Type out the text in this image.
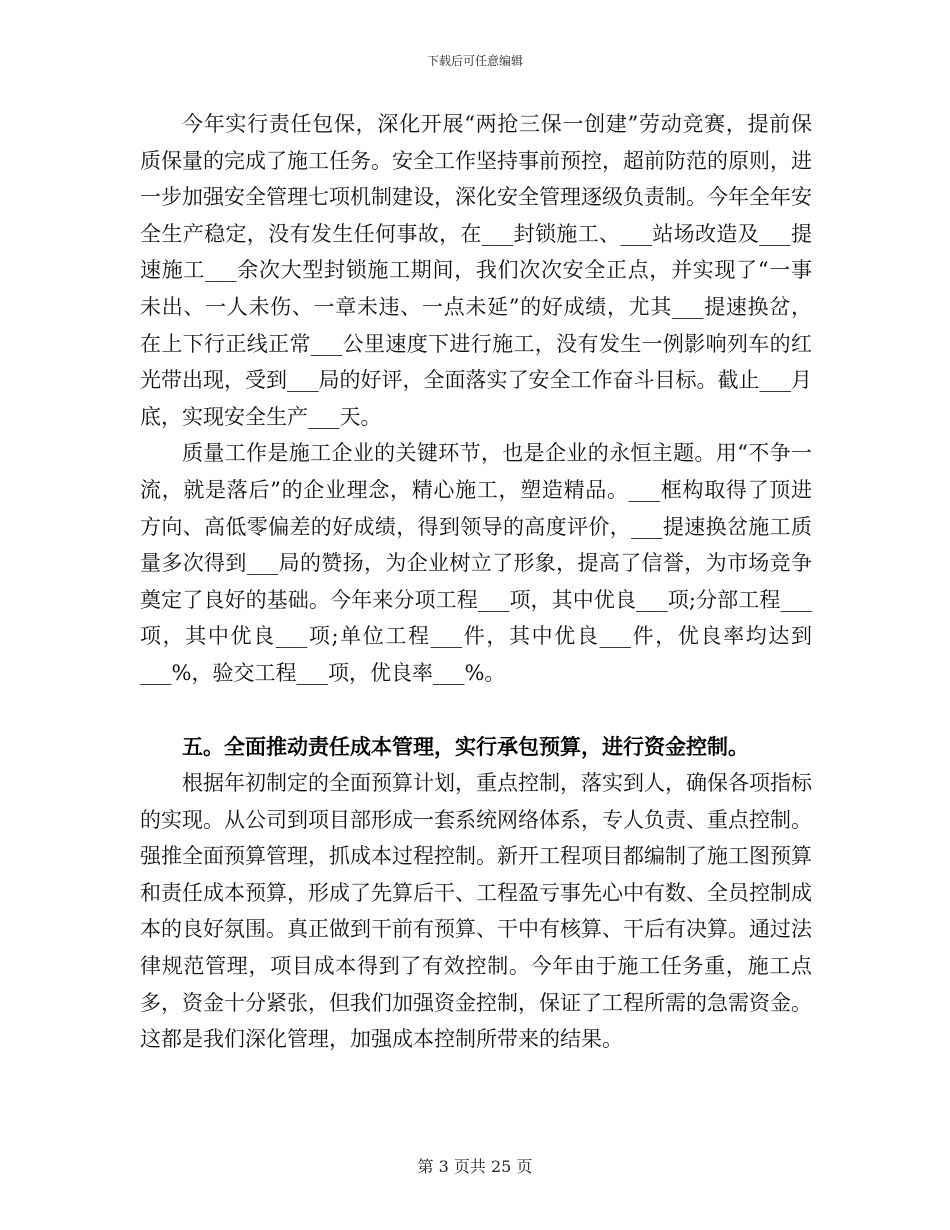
下载后可任意编辑

今年实行责任包保，深化开展“两抢三保一创建”劳动竞赛，提前保质保量的完成了施工任务。安全工作坚持事前预控，超前防范的原则，进一步加强安全管理七项机制建设，深化安全管理逐级负责制。今年全年安全生产稳定，没有发生任何事故，在___封锁施工、___站场改造及___提速施工___余次大型封锁施工期间，我们次次安全正点，并实现了“一事未出、一人未伤、一章未违、一点未延”的好成绩，尤其___提速换岔，在上下行正线正常___公里速度下进行施工，没有发生一例影响列车的红光带出现，受到___局的好评，全面落实了安全工作奋斗目标。截止___月底，实现安全生产___天。

质量工作是施工企业的关键环节，也是企业的永恒主题。用“不争一流，就是落后”的企业理念，精心施工，塑造精品。___框构取得了顶进方向、高低零偏差的好成绩，得到领导的高度评价，___提速换岔施工质量多次得到___局的赞扬，为企业树立了形象，提高了信誉，为市场竞争奠定了良好的基础。今年来分项工程___项，其中优良___项;分部工程___项，其中优良___项;单位工程___件，其中优良___件，优良率均达到___%，验交工程___项，优良率___%。

五。全面推动责任成本管理，实行承包预算，进行资金控制。

根据年初制定的全面预算计划，重点控制，落实到人，确保各项指标的实现。从公司到项目部形成一套系统网络体系，专人负责、重点控制。强推全面预算管理，抓成本过程控制。新开工程项目都编制了施工图预算和责任成本预算，形成了先算后干、工程盈亏事先心中有数、全员控制成本的良好氛围。真正做到干前有预算、干中有核算、干后有决算。通过法律规范管理，项目成本得到了有效控制。今年由于施工任务重，施工点多，资金十分紧张，但我们加强资金控制，保证了工程所需的急需资金。这都是我们深化管理，加强成本控制所带来的结果。

第 3 页共 25 页
